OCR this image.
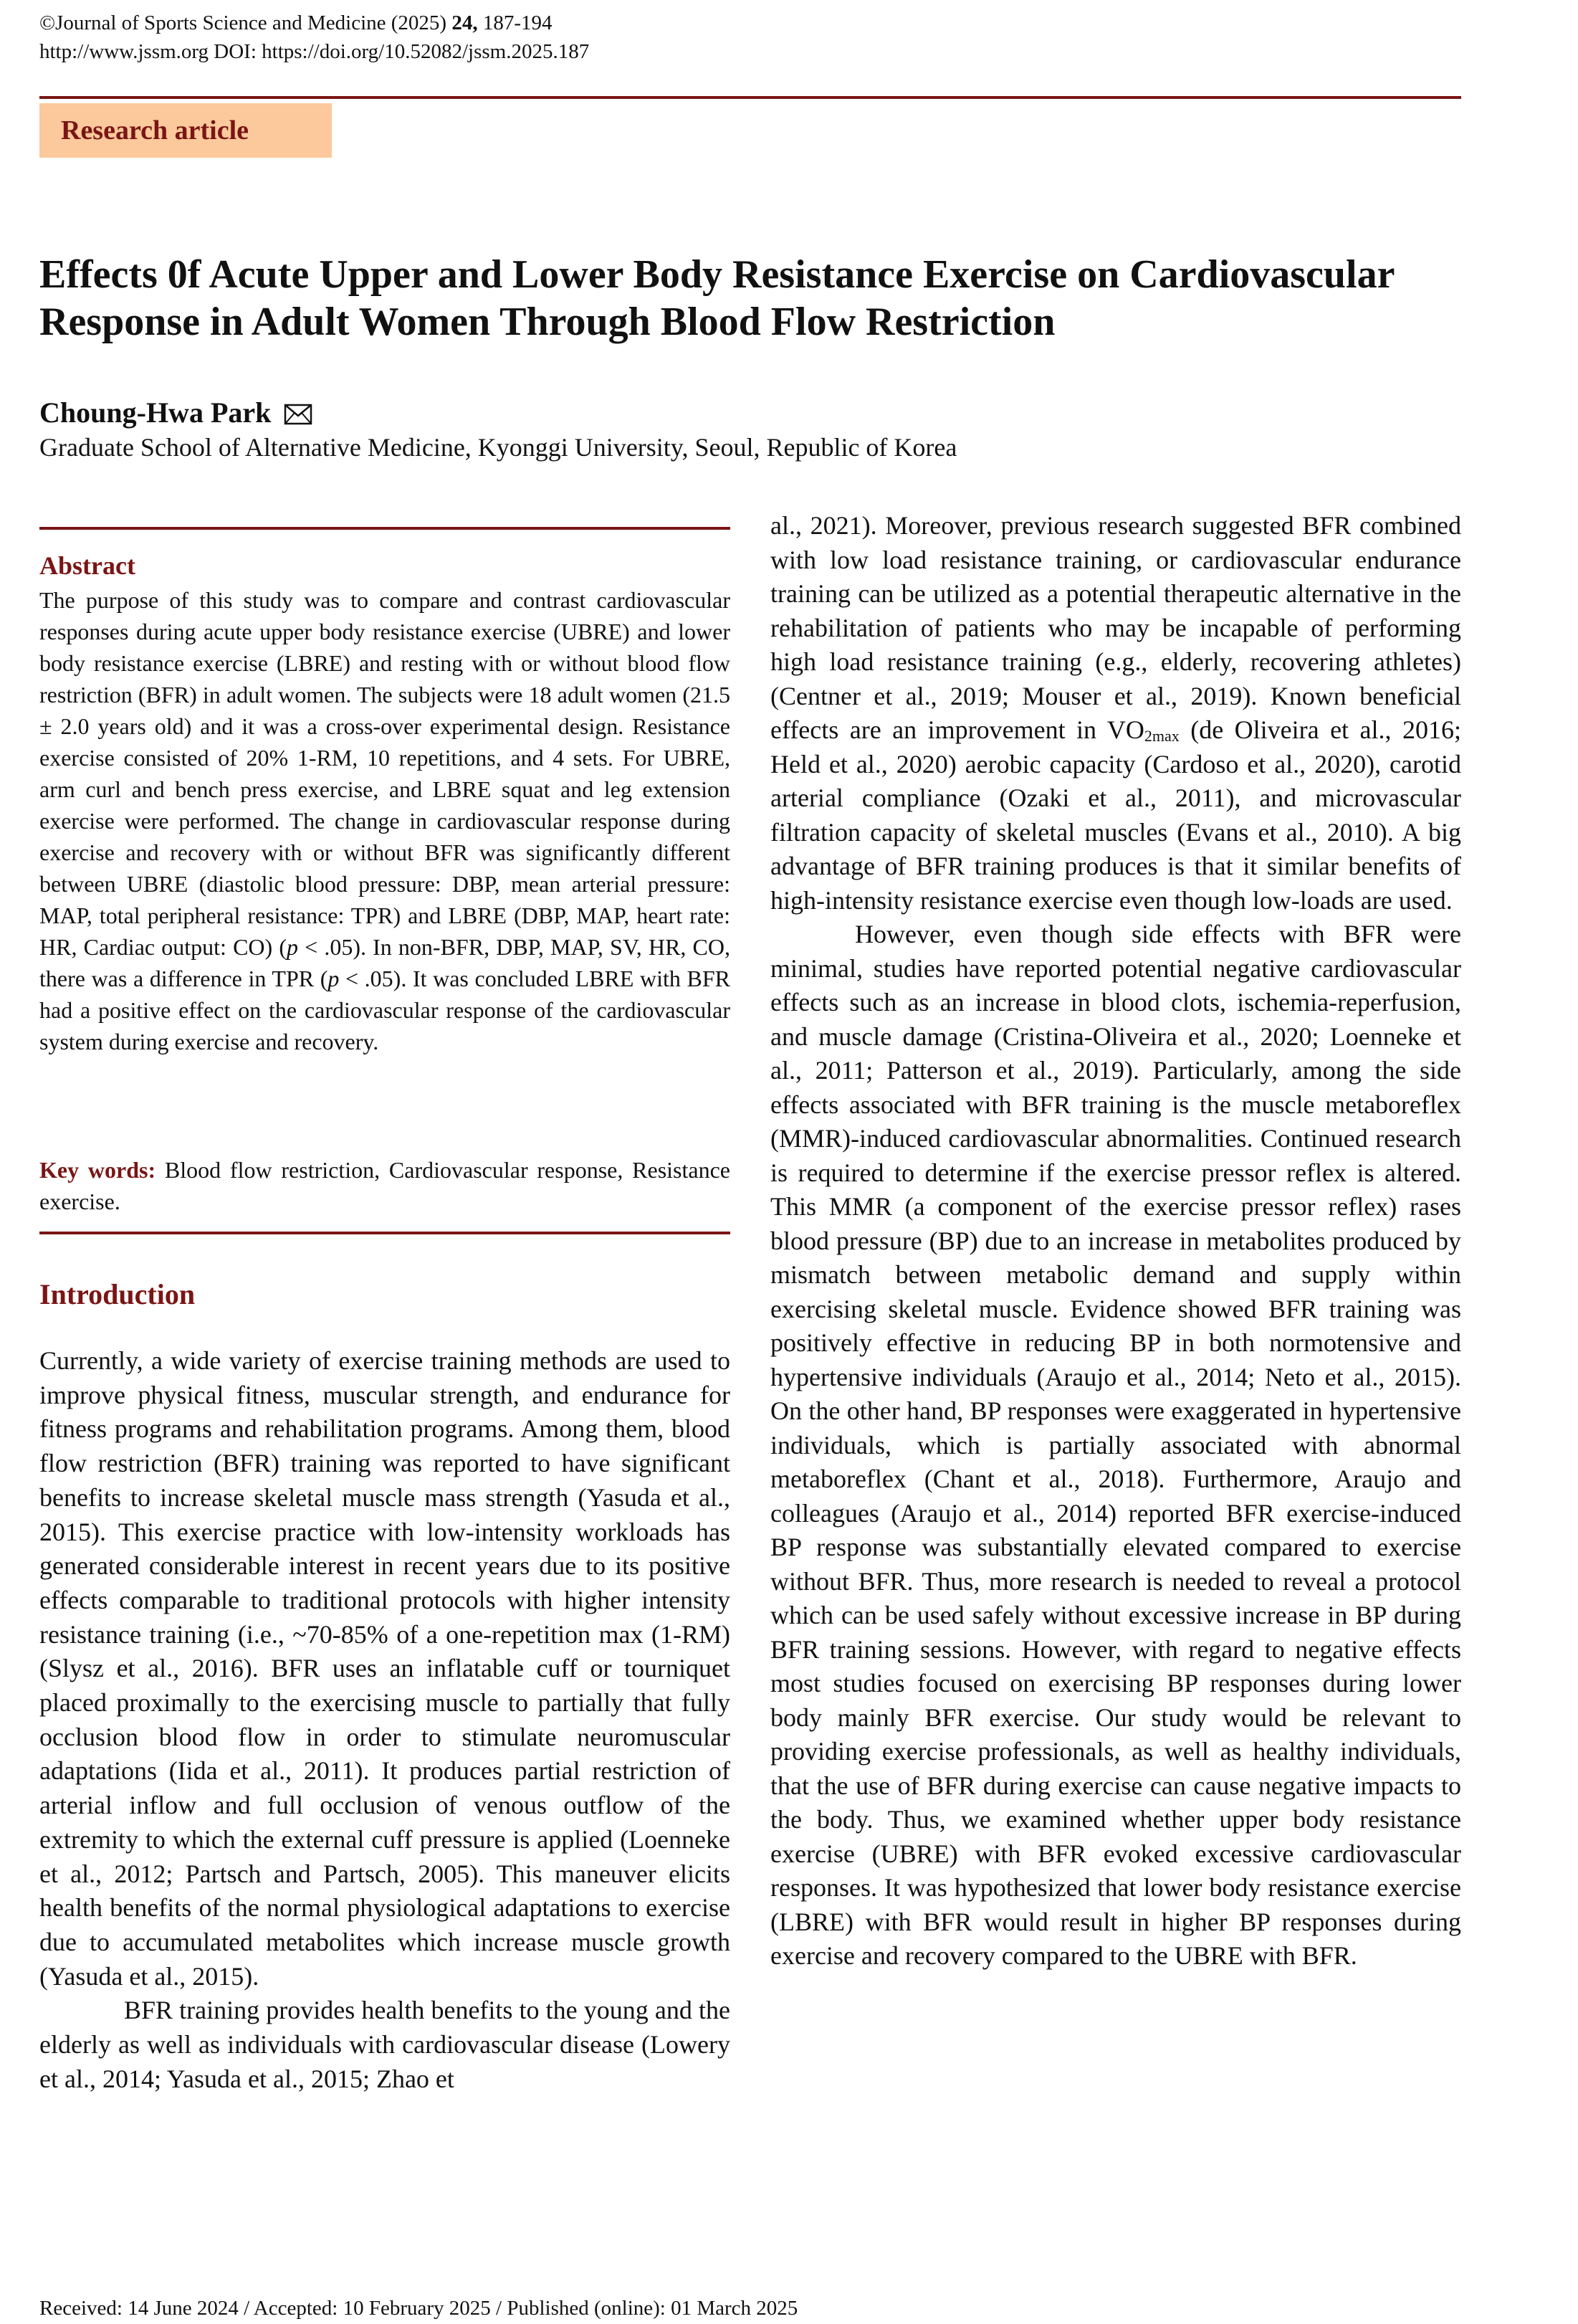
©Journal of Sports Science and Medicine (2025) 24, 187-194
http://www.jssm.org DOI: https://doi.org/10.52082/jssm.2025.187
Research article
Effects 0f Acute Upper and Lower Body Resistance Exercise on Cardiovascular Response in Adult Women Through Blood Flow Restriction
Choung-Hwa Park
Graduate School of Alternative Medicine, Kyonggi University, Seoul, Republic of Korea
Abstract
The purpose of this study was to compare and contrast cardiovascular responses during acute upper body resistance exercise (UBRE) and lower body resistance exercise (LBRE) and resting with or without blood flow restriction (BFR) in adult women. The subjects were 18 adult women (21.5 ± 2.0 years old) and it was a cross-over experimental design. Resistance exercise consisted of 20% 1-RM, 10 repetitions, and 4 sets. For UBRE, arm curl and bench press exercise, and LBRE squat and leg extension exercise were performed. The change in cardiovascular response during exercise and recovery with or without BFR was significantly different between UBRE (diastolic blood pressure: DBP, mean arterial pressure: MAP, total peripheral resistance: TPR) and LBRE (DBP, MAP, heart rate: HR, Cardiac output: CO) (p < .05). In non-BFR, DBP, MAP, SV, HR, CO, there was a difference in TPR (p < .05). It was concluded LBRE with BFR had a positive effect on the cardiovascular response of the cardiovascular system during exercise and recovery.
Key words: Blood flow restriction, Cardiovascular response, Resistance exercise.
Introduction

Currently, a wide variety of exercise training methods are used to improve physical fitness, muscular strength, and endurance for fitness programs and rehabilitation programs. Among them, blood flow restriction (BFR) training was reported to have significant benefits to increase skeletal muscle mass strength (Yasuda et al., 2015). This exercise practice with low-intensity workloads has generated considerable interest in recent years due to its positive effects comparable to traditional protocols with higher intensity resistance training (i.e., ~70-85% of a one-repetition max (1-RM) (Slysz et al., 2016). BFR uses an inflatable cuff or tourniquet placed proximally to the exercising muscle to partially that fully occlusion blood flow in order to stimulate neuromuscular adaptations (Iida et al., 2011). It produces partial restriction of arterial inflow and full occlusion of venous outflow of the extremity to which the external cuff pressure is applied (Loenneke et al., 2012; Partsch and Partsch, 2005). This maneuver elicits health benefits of the normal physiological adaptations to exercise due to accumulated metabolites which increase muscle growth (Yasuda et al., 2015).

BFR training provides health benefits to the young and the elderly as well as individuals with cardiovascular disease (Lowery et al., 2014; Yasuda et al., 2015; Zhao et

al., 2021). Moreover, previous research suggested BFR combined with low load resistance training, or cardiovascular endurance training can be utilized as a potential therapeutic alternative in the rehabilitation of patients who may be incapable of performing high load resistance training (e.g., elderly, recovering athletes) (Centner et al., 2019; Mouser et al., 2019). Known beneficial effects are an improvement in $VO_{2max}$ (de Oliveira et al., 2016; Held et al., 2020) aerobic capacity (Cardoso et al., 2020), carotid arterial compliance (Ozaki et al., 2011), and microvascular filtration capacity of skeletal muscles (Evans et al., 2010). A big advantage of BFR training produces is that it similar benefits of high-intensity resistance exercise even though low-loads are used.

However, even though side effects with BFR were minimal, studies have reported potential negative cardiovascular effects such as an increase in blood clots, ischemia-reperfusion, and muscle damage (Cristina-Oliveira et al., 2020; Loenneke et al., 2011; Patterson et al., 2019). Particularly, among the side effects associated with BFR training is the muscle metaboreflex (MMR)-induced cardiovascular abnormalities. Continued research is required to determine if the exercise pressor reflex is altered. This MMR (a component of the exercise pressor reflex) rases blood pressure (BP) due to an increase in metabolites produced by mismatch between metabolic demand and supply within exercising skeletal muscle. Evidence showed BFR training was positively effective in reducing BP in both normotensive and hypertensive individuals (Araujo et al., 2014; Neto et al., 2015). On the other hand, BP responses were exaggerated in hypertensive individuals, which is partially associated with abnormal metaboreflex (Chant et al., 2018). Furthermore, Araujo and colleagues (Araujo et al., 2014) reported BFR exercise-induced BP response was substantially elevated compared to exercise without BFR. Thus, more research is needed to reveal a protocol which can be used safely without excessive increase in BP during BFR training sessions. However, with regard to negative effects most studies focused on exercising BP responses during lower body mainly BFR exercise. Our study would be relevant to providing exercise professionals, as well as healthy individuals, that the use of BFR during exercise can cause negative impacts to the body. Thus, we examined whether upper body resistance exercise (UBRE) with BFR evoked excessive cardiovascular responses. It was hypothesized that lower body resistance exercise (LBRE) with BFR would result in higher BP responses during exercise and recovery compared to the UBRE with BFR.

Received: 14 June 2024 / Accepted: 10 February 2025 / Published (online): 01 March 2025
